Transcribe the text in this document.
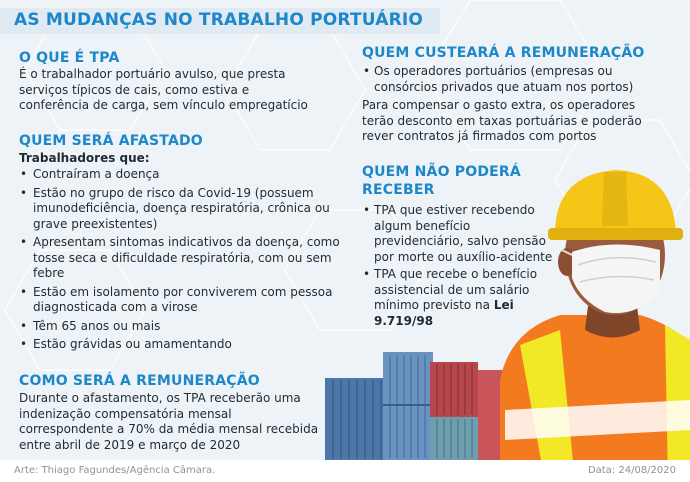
AS MUDANÇAS NO TRABALHO PORTUÁRIO
O QUE É TPA
É o trabalhador portuário avulso, que presta serviços típicos de cais, como estiva e conferência de carga, sem vínculo empregatício
QUEM SERÁ AFASTADO
Trabalhadores que:
• Contraíram a doença
• Estão no grupo de risco da Covid-19 (possuem imunodeficiência, doença respiratória, crônica ou grave preexistentes)
• Apresentam sintomas indicativos da doença, como tosse seca e dificuldade respiratória, com ou sem febre
• Estão em isolamento por conviverem com pessoa diagnosticada com a virose
• Têm 65 anos ou mais
• Estão grávidas ou amamentando
COMO SERÁ A REMUNERAÇÃO
Durante o afastamento, os TPA receberão uma indenização compensatória mensal correspondente a 70% da média mensal recebida entre abril de 2019 e março de 2020
QUEM CUSTEARÁ A REMUNERAÇÃO
• Os operadores portuários (empresas ou consórcios privados que atuam nos portos)
Para compensar o gasto extra, os operadores terão desconto em taxas portuárias e poderão rever contratos já firmados com portos
QUEM NÃO PODERÁ
RECEBER
• TPA que estiver recebendo algum benefício previdenciário, salvo pensão por morte ou auxílio-acidente
• TPA que recebe o benefício assistencial de um salário mínimo previsto na Lei 9.719/98
Arte: Thiago Fagundes/Agência Câmara.	Data: 24/08/2020
